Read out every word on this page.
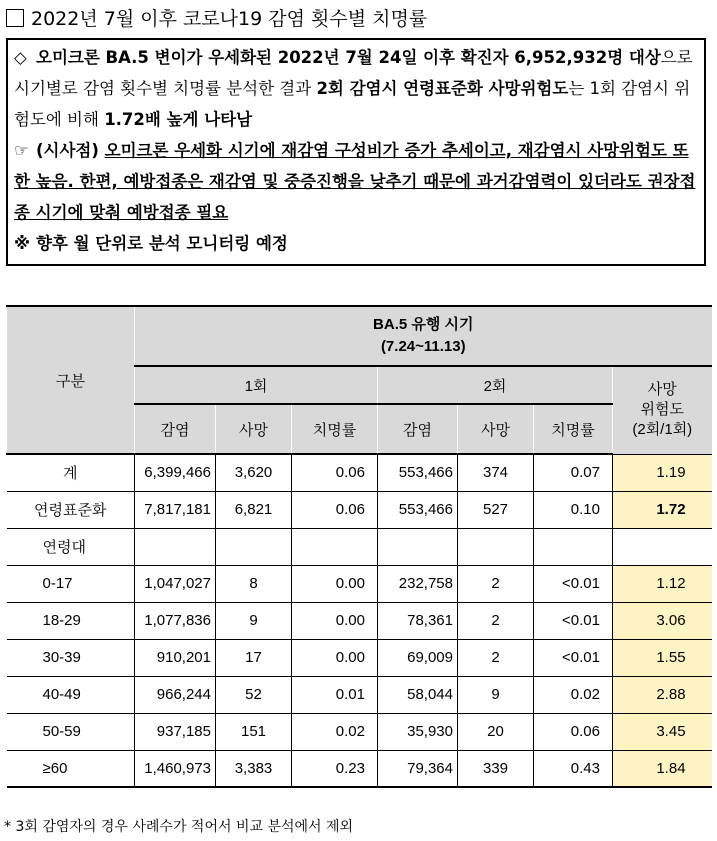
2022년 7월 이후 코로나19 감염 횟수별 치명률

◇ 오미크론 BA.5 변이가 우세화된 2022년 7월 24일 이후 확진자 6,952,932명 대상으로 시기별로 감염 횟수별 치명률 분석한 결과 2회 감염시 연령표준화 사망위험도는 1회 감염시 위험도에 비해 1.72배 높게 나타남

☞ (시사점) 오미크론 우세화 시기에 재감염 구성비가 증가 추세이고, 재감염시 사망위험도 또한 높음. 한편, 예방접종은 재감염 및 중증진행을 낮추기 때문에 과거감염력이 있더라도 권장접종 시기에 맞춰 예방접종 필요

※ 향후 월 단위로 분석 모니터링 예정

구분	BA.5 유행 시기
(7.24~11.13)						
	1회			2회			사망
위험도
(2회/1회)
	감염	사망	치명률	감염	사망	치명률	
계	6,399,466	3,620	0.06	553,466	374	0.07	1.19
연령표준화	7,817,181	6,821	0.06	553,466	527	0.10	1.72
연령대							
0-17	1,047,027	8	0.00	232,758	2	<0.01	1.12
18-29	1,077,836	9	0.00	78,361	2	<0.01	3.06
30-39	910,201	17	0.00	69,009	2	<0.01	1.55
40-49	966,244	52	0.01	58,044	9	0.02	2.88
50-59	937,185	151	0.02	35,930	20	0.06	3.45
≥60	1,460,973	3,383	0.23	79,364	339	0.43	1.84
* 3회 감염자의 경우 사례수가 적어서 비교 분석에서 제외
